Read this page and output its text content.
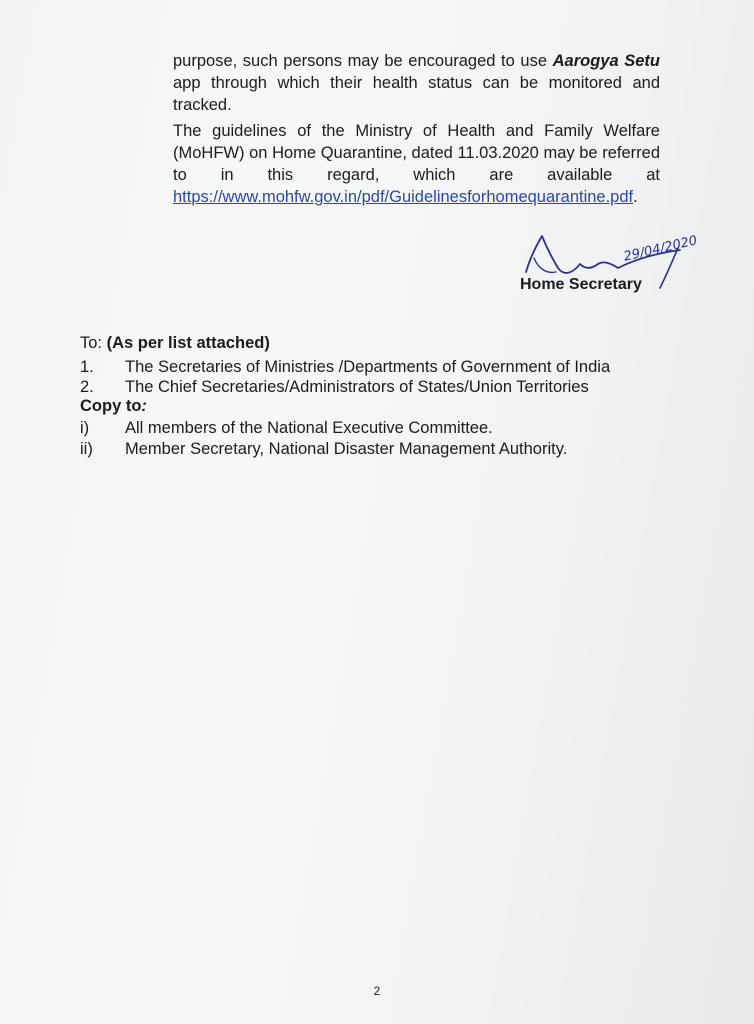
purpose, such persons may be encouraged to use Aarogya Setu app through which their health status can be monitored and tracked.

The guidelines of the Ministry of Health and Family Welfare (MoHFW) on Home Quarantine, dated 11.03.2020 may be referred to in this regard, which are available at https://www.mohfw.gov.in/pdf/Guidelinesforhomequarantine.pdf.

29/04/2020
Home Secretary
To: (As per list attached)
1. The Secretaries of Ministries /Departments of Government of India
2. The Chief Secretaries/Administrators of States/Union Territories
Copy to:
i) All members of the National Executive Committee.
ii) Member Secretary, National Disaster Management Authority.
2
